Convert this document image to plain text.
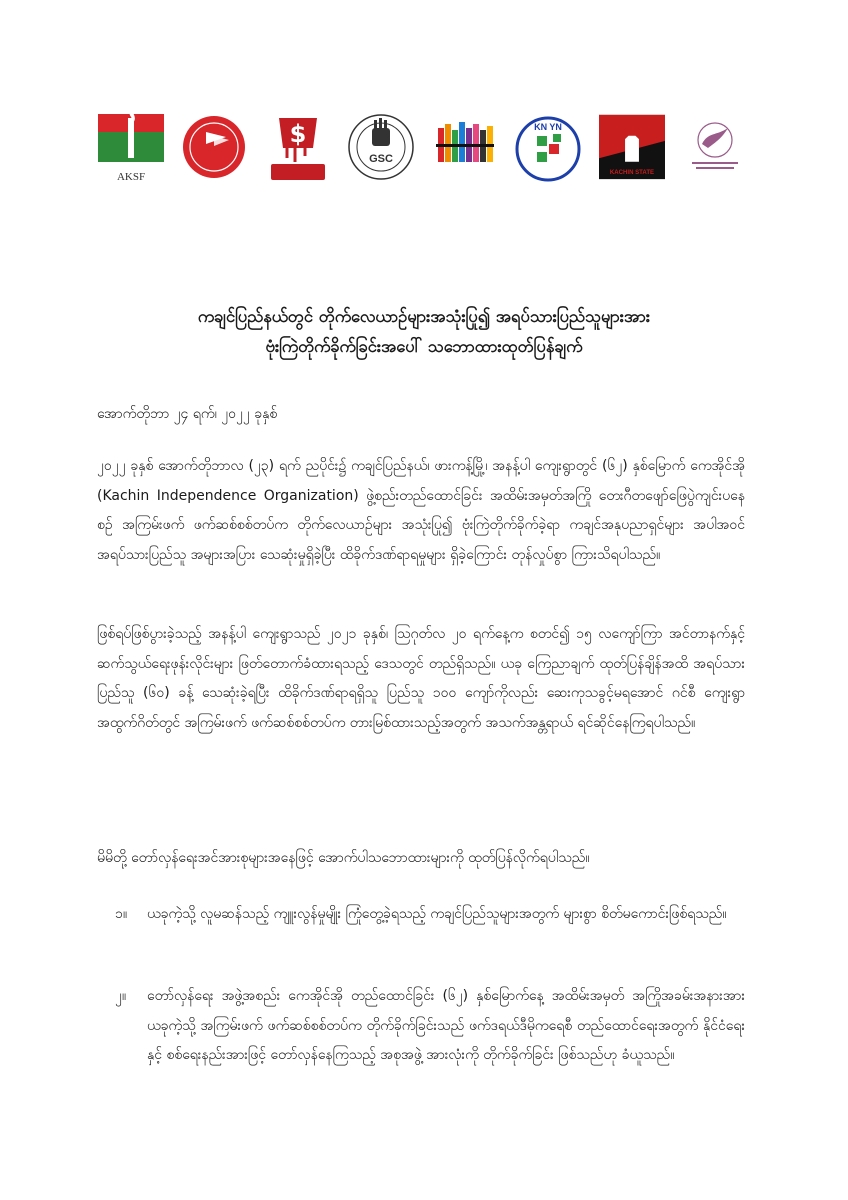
AKSF
$
GSC
KN YN
KACHIN STATE
ကချင်ပြည်နယ်တွင် တိုက်လေယာဉ်များအသုံးပြု၍ အရပ်သားပြည်သူများအား
ဗုံးကြဲတိုက်ခိုက်ခြင်းအပေါ် သဘောထားထုတ်ပြန်ချက်
အောက်တိုဘာ ၂၄ ရက်၊ ၂၀၂၂ ခုနှစ်
၂၀၂၂ ခုနှစ် အောက်တိုဘာလ (၂၃) ရက် ညပိုင်း၌ ကချင်ပြည်နယ်၊ ဖားကန့်မြို့၊ အနန့်ပါ ကျေးရွာတွင် (၆၂) နှစ်မြောက် ကေအိုင်အို (Kachin Independence Organization) ဖွဲ့စည်းတည်ထောင်ခြင်း အထိမ်းအမှတ်အကြို တေးဂီတဖျော်ဖြေပွဲကျင်းပနေစဉ် အကြမ်းဖက် ဖက်ဆစ်စစ်တပ်က တိုက်လေယာဉ်များ အသုံးပြု၍ ဗုံးကြဲတိုက်ခိုက်ခဲ့ရာ ကချင်အနုပညာရှင်များ အပါအဝင် အရပ်သားပြည်သူ အများအပြား သေဆုံးမှုရှိခဲ့ပြီး ထိခိုက်ဒဏ်ရာရမှုများ ရှိခဲ့ကြောင်း တုန်လှုပ်စွာ ကြားသိရပါသည်။
ဖြစ်ရပ်ဖြစ်ပွားခဲ့သည့် အနန့်ပါ ကျေးရွာသည် ၂၀၂၁ ခုနှစ်၊ ဩဂုတ်လ ၂၀ ရက်နေ့က စတင်၍ ၁၅ လကျော်ကြာ အင်တာနက်နှင့် ဆက်သွယ်ရေးဖုန်းလိုင်းများ ဖြတ်တောက်ခံထားရသည့် ဒေသတွင် တည်ရှိသည်။ ယခု ကြေညာချက် ထုတ်ပြန်ချိန်အထိ အရပ်သားပြည်သူ (၆၀) ခန့် သေဆုံးခဲ့ရပြီး ထိခိုက်ဒဏ်ရာရရှိသူ ပြည်သူ ၁၀၀ ကျော်ကိုလည်း ဆေးကုသခွင့်မရအောင် ဂင်စီ ကျေးရွာ အထွက်ဂိတ်တွင် အကြမ်းဖက် ဖက်ဆစ်စစ်တပ်က တားမြစ်ထားသည့်အတွက် အသက်အန္တရာယ် ရင်ဆိုင်နေကြရပါသည်။
မိမိတို့ တော်လှန်ရေးအင်အားစုများအနေဖြင့် အောက်ပါသဘောထားများကို ထုတ်ပြန်လိုက်ရပါသည်။
၁။ ယခုကဲ့သို့ လူမဆန်သည့် ကျူးလွန်မှုမျိုး ကြုံတွေ့ခဲ့ရသည့် ကချင်ပြည်သူများအတွက် များစွာ စိတ်မကောင်းဖြစ်ရသည်။
၂။ တော်လှန်ရေး အဖွဲ့အစည်း ကေအိုင်အို တည်ထောင်ခြင်း (၆၂) နှစ်မြောက်နေ့ အထိမ်းအမှတ် အကြိုအခမ်းအနားအား ယခုကဲ့သို့ အကြမ်းဖက် ဖက်ဆစ်စစ်တပ်က တိုက်ခိုက်ခြင်းသည် ဖက်ဒရယ်ဒီမိုကရေစီ တည်ထောင်ရေးအတွက် နိုင်ငံရေးနှင့် စစ်ရေးနည်းအားဖြင့် တော်လှန်နေကြသည့် အစုအဖွဲ့ အားလုံးကို တိုက်ခိုက်ခြင်း ဖြစ်သည်ဟု ခံယူသည်။
